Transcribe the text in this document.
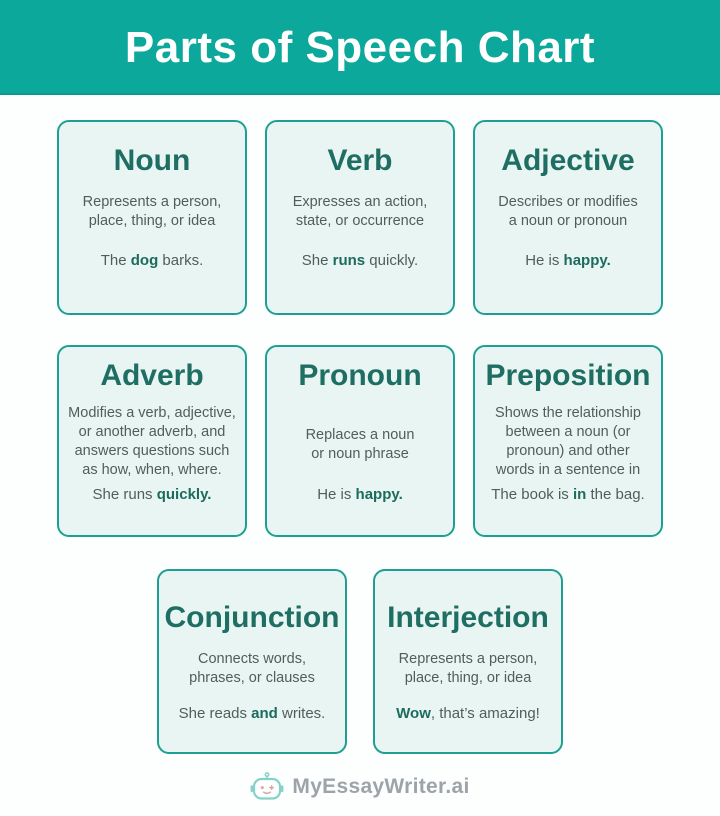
Parts of Speech Chart
Noun

Represents a person,
place, thing, or idea

The dog barks.

Verb

Expresses an action,
state, or occurrence

She runs quickly.

Adjective

Describes or modifies
a noun or pronoun

He is happy.

Adverb

Modifies a verb, adjective,
or another adverb, and
answers questions such
as how, when, where.

She runs quickly.

Pronoun

Replaces a noun
or noun phrase

He is happy.

Preposition

Shows the relationship
between a noun (or
pronoun) and other
words in a sentence in

The book is in the bag.

Conjunction

Connects words,
phrases, or clauses

She reads and writes.

Interjection

Represents a person,
place, thing, or idea

Wow, that’s amazing!

MyEssayWriter.ai
